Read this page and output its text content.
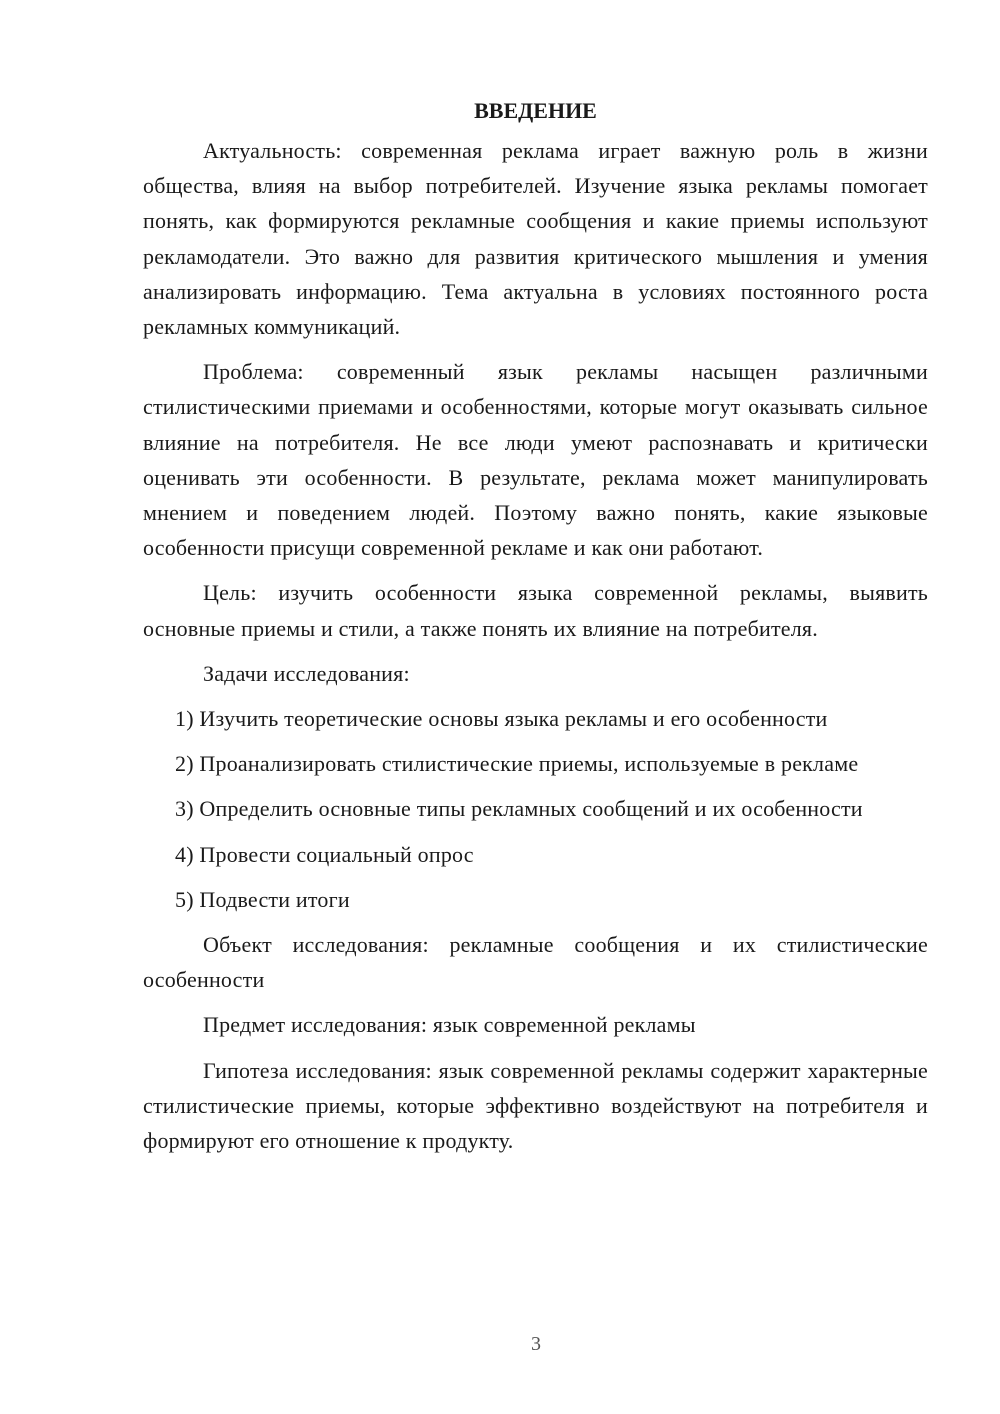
ВВЕДЕНИЕ

Актуальность: современная реклама играет важную роль в жизни общества, влияя на выбор потребителей. Изучение языка рекламы помогает понять, как формируются рекламные сообщения и какие приемы используют рекламодатели. Это важно для развития критического мышления и умения анализировать информацию. Тема актуальна в условиях постоянного роста рекламных коммуникаций.

Проблема: современный язык рекламы насыщен различными стилистическими приемами и особенностями, которые могут оказывать сильное влияние на потребителя. Не все люди умеют распознавать и критически оценивать эти особенности. В результате, реклама может манипулировать мнением и поведением людей. Поэтому важно понять, какие языковые особенности присущи современной рекламе и как они работают.

Цель: изучить особенности языка современной рекламы, выявить основные приемы и стили, а также понять их влияние на потребителя.

Задачи исследования:

1) Изучить теоретические основы языка рекламы и его особенности

2) Проанализировать стилистические приемы, используемые в рекламе

3) Определить основные типы рекламных сообщений и их особенности

4) Провести социальный опрос

5) Подвести итоги

Объект исследования: рекламные сообщения и их стилистические особенности

Предмет исследования: язык современной рекламы

Гипотеза исследования: язык современной рекламы содержит характерные стилистические приемы, которые эффективно воздействуют на потребителя и формируют его отношение к продукту.

3
